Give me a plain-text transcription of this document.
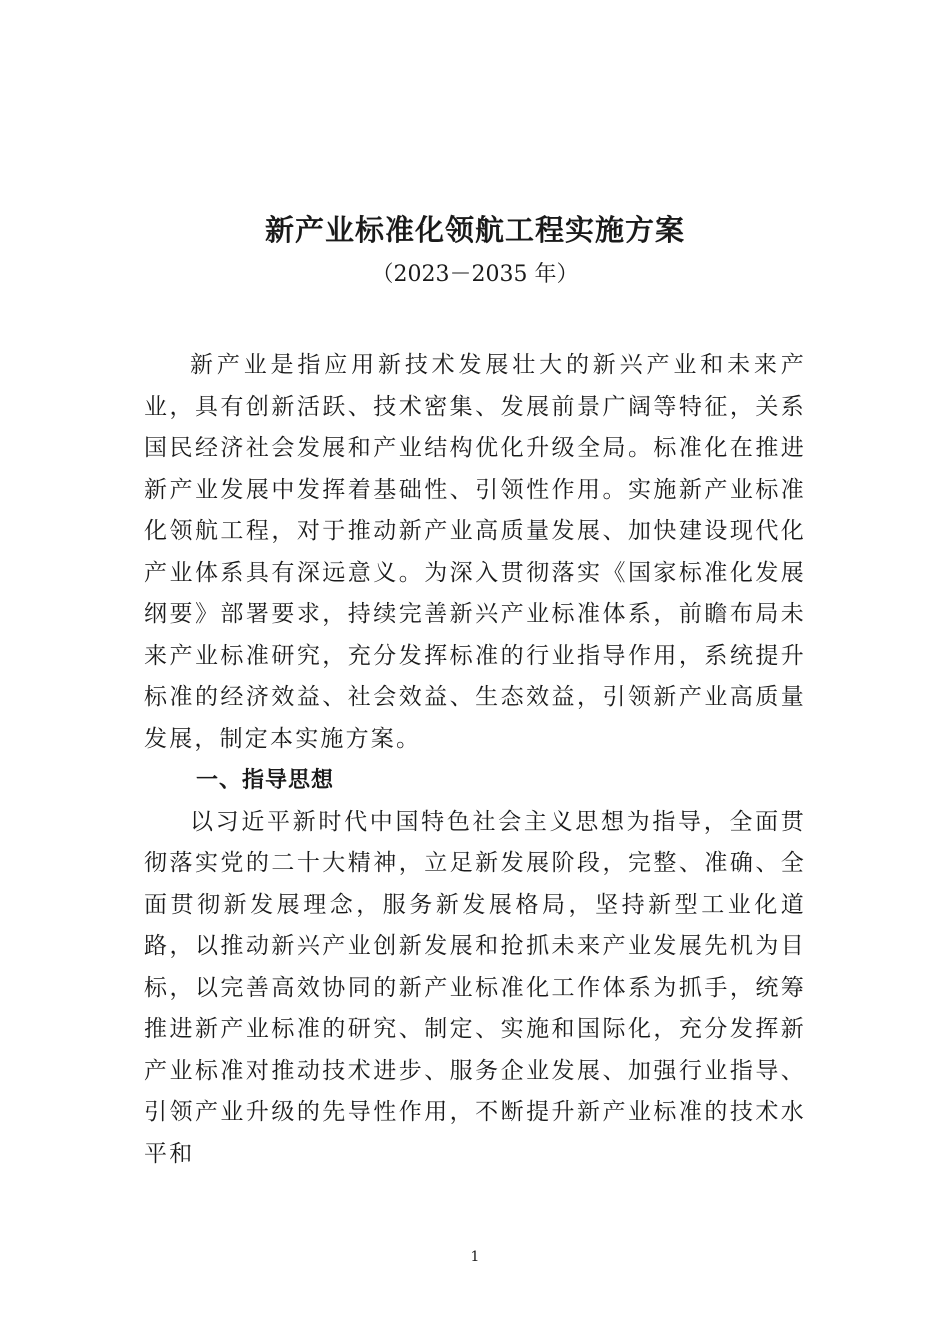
新产业标准化领航工程实施方案
（2023－2035 年）

新产业是指应用新技术发展壮大的新兴产业和未来产业，具有创新活跃、技术密集、发展前景广阔等特征，关系国民经济社会发展和产业结构优化升级全局。标准化在推进新产业发展中发挥着基础性、引领性作用。实施新产业标准化领航工程，对于推动新产业高质量发展、加快建设现代化产业体系具有深远意义。为深入贯彻落实《国家标准化发展纲要》部署要求，持续完善新兴产业标准体系，前瞻布局未来产业标准研究，充分发挥标准的行业指导作用，系统提升标准的经济效益、社会效益、生态效益，引领新产业高质量发展，制定本实施方案。

一、指导思想

以习近平新时代中国特色社会主义思想为指导，全面贯彻落实党的二十大精神，立足新发展阶段，完整、准确、全面贯彻新发展理念，服务新发展格局，坚持新型工业化道路，以推动新兴产业创新发展和抢抓未来产业发展先机为目标，以完善高效协同的新产业标准化工作体系为抓手，统筹推进新产业标准的研究、制定、实施和国际化，充分发挥新产业标准对推动技术进步、服务企业发展、加强行业指导、引领产业升级的先导性作用，不断提升新产业标准的技术水平和

1
